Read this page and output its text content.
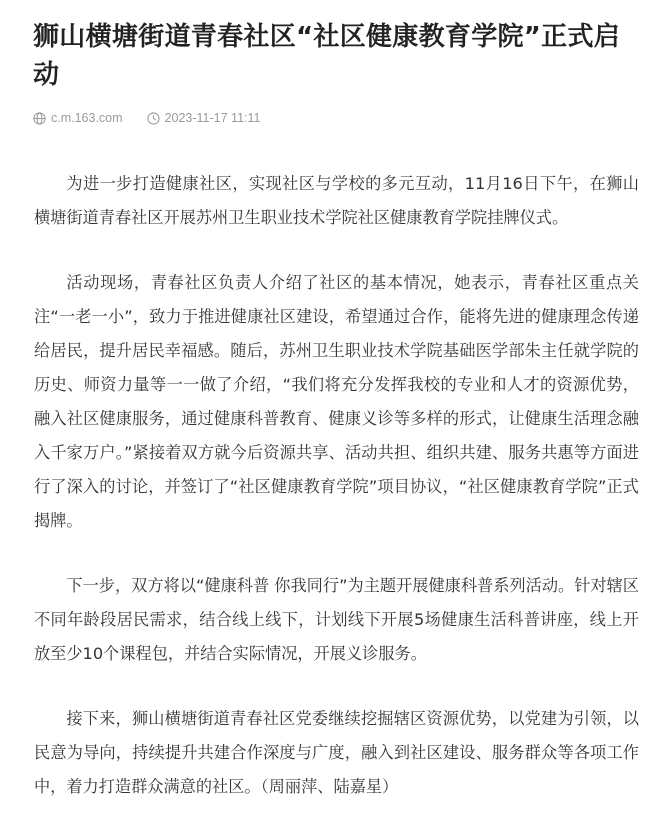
狮山横塘街道青春社区“社区健康教育学院”正式启动
c.m.163.com	2023-11-17 11:11

为进一步打造健康社区，实现社区与学校的多元互动，11月16日下午，在狮山横塘街道青春社区开展苏州卫生职业技术学院社区健康教育学院挂牌仪式。

活动现场，青春社区负责人介绍了社区的基本情况，她表示，青春社区重点关注“一老一小”，致力于推进健康社区建设，希望通过合作，能将先进的健康理念传递给居民，提升居民幸福感。随后，苏州卫生职业技术学院基础医学部朱主任就学院的历史、师资力量等一一做了介绍，“我们将充分发挥我校的专业和人才的资源优势，融入社区健康服务，通过健康科普教育、健康义诊等多样的形式，让健康生活理念融入千家万户。”紧接着双方就今后资源共享、活动共担、组织共建、服务共惠等方面进行了深入的讨论，并签订了“社区健康教育学院”项目协议，“社区健康教育学院”正式揭牌。

下一步，双方将以“健康科普 你我同行”为主题开展健康科普系列活动。针对辖区不同年龄段居民需求，结合线上线下，计划线下开展5场健康生活科普讲座，线上开放至少10个课程包，并结合实际情况，开展义诊服务。

接下来，狮山横塘街道青春社区党委继续挖掘辖区资源优势，以党建为引领，以民意为导向，持续提升共建合作深度与广度，融入到社区建设、服务群众等各项工作中，着力打造群众满意的社区。（周丽萍、陆嘉星）
